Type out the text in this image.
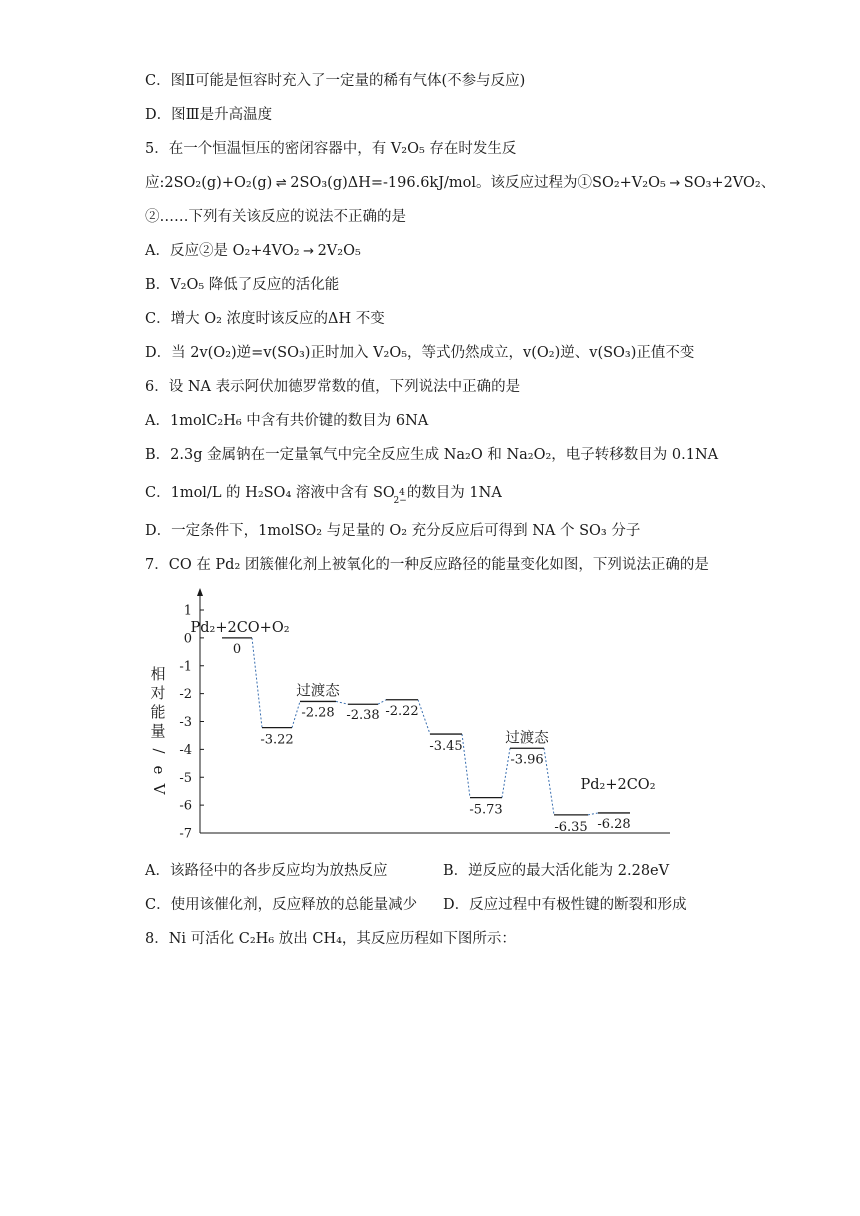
C．图Ⅱ可能是恒容时充入了一定量的稀有气体(不参与反应)
D．图Ⅲ是升高温度
5．在一个恒温恒压的密闭容器中，有 V₂O₅ 存在时发生反
应:2SO₂(g)+O₂(g) ⇌ 2SO₃(g)ΔH=-196.6kJ/mol。该反应过程为①SO₂+V₂O₅ → SO₃+2VO₂、
②……下列有关该反应的说法不正确的是
A．反应②是 O₂+4VO₂ → 2V₂O₅
B．V₂O₅ 降低了反应的活化能
C．增大 O₂ 浓度时该反应的ΔH 不变
D．当 2v(O₂)逆=v(SO₃)正时加入 V₂O₅，等式仍然成立，v(O₂)逆、v(SO₃)正值不变
6．设 NA 表示阿伏加德罗常数的值，下列说法中正确的是
A．1molC₂H₆ 中含有共价键的数目为 6NA
B．2.3g 金属钠在一定量氧气中完全反应生成 Na₂O 和 Na₂O₂，电子转移数目为 0.1NA
C．1mol/L 的 H₂SO₄ 溶液中含有 SO
2−
4 的数目为 1NA
D．一定条件下，1molSO₂ 与足量的 O₂ 充分反应后可得到 NA 个 SO₃ 分子
7．CO 在 Pd₂ 团簇催化剂上被氧化的一种反应路径的能量变化如图，下列说法正确的是
1
0
-1
-2
-3
-4
-5
-6
-7
相
对
能
量
/
e
V
0
Pd₂+2CO+O₂
-3.22
-2.28
过渡态
-2.38 -2.22
-3.45
-5.73
-3.96
过渡态
-6.35 -6.28
Pd₂+2CO₂
A．该路径中的各步反应均为放热反应	B．逆反应的最大活化能为 2.28eV
C．使用该催化剂，反应释放的总能量减少 D．反应过程中有极性键的断裂和形成
8．Ni 可活化 C₂H₆ 放出 CH₄，其反应历程如下图所示：
